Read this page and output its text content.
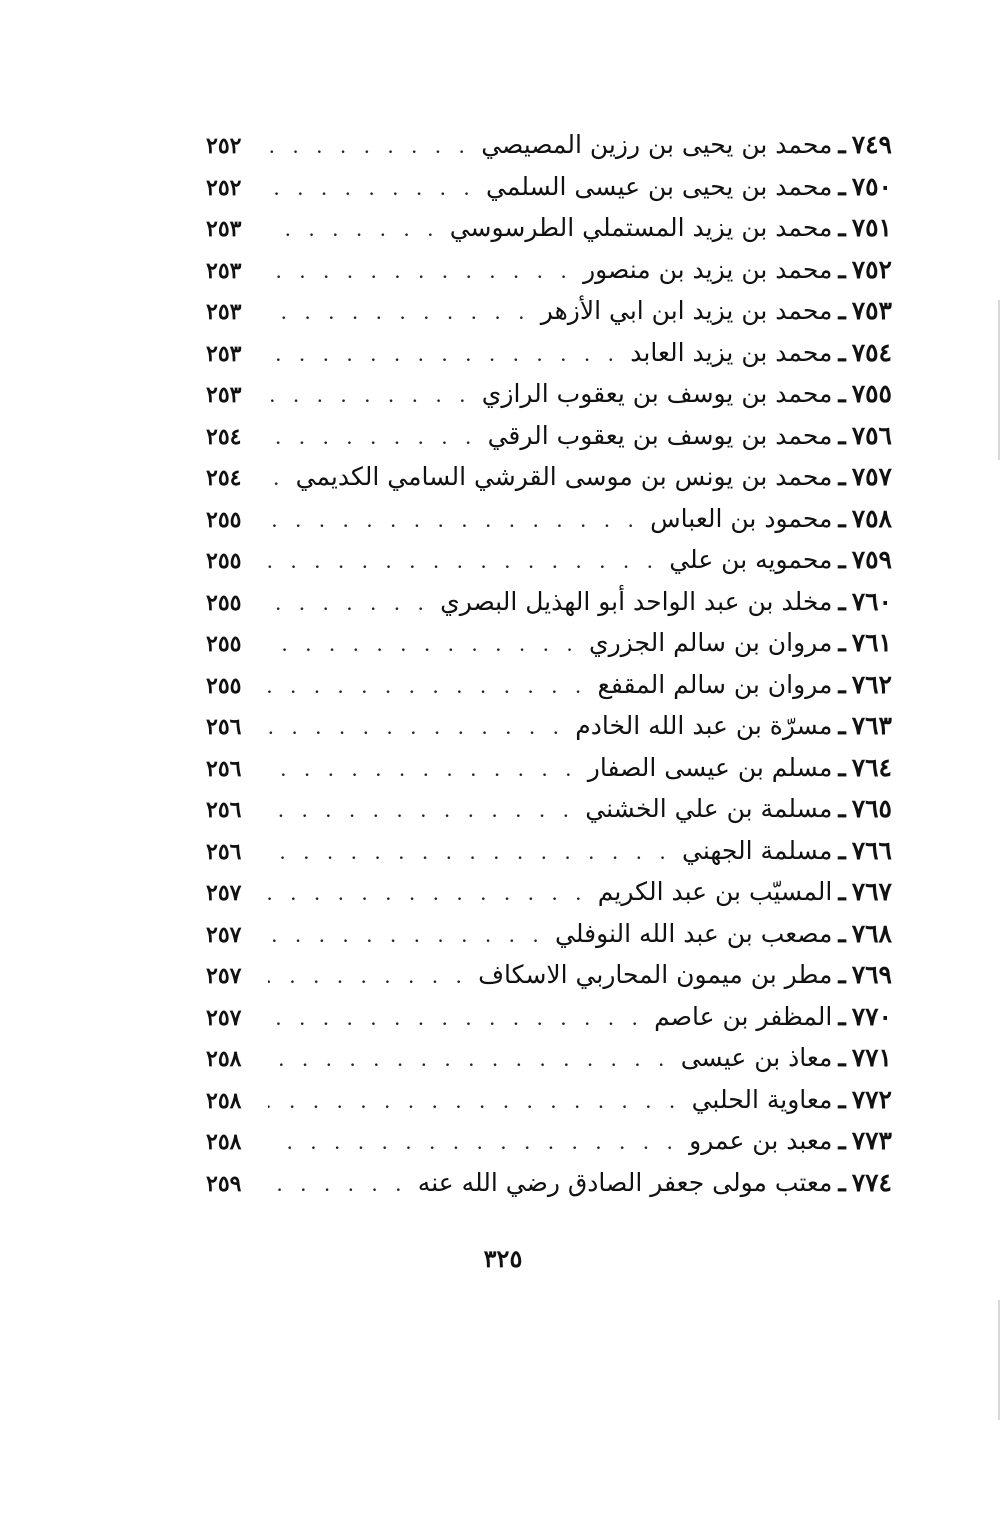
٧٤٩
ـ
محمد بن يحيى بن رزين المصيصي
. . .
٢٥٢
٧٥٠
ـ
محمد بن يحيى بن عيسى السلمي
. . .
٢٥٢
٧٥١
ـ
محمد بن يزيد المستملي الطرسوسي
. . .
٢٥٣
٧٥٢
ـ
محمد بن يزيد بن منصور
. . .
٢٥٣
٧٥٣
ـ
محمد بن يزيد ابن ابي الأزهر
. . .
٢٥٣
٧٥٤
ـ
محمد بن يزيد العابد
. . .
٢٥٣
٧٥٥
ـ
محمد بن يوسف بن يعقوب الرازي
. . .
٢٥٣
٧٥٦
ـ
محمد بن يوسف بن يعقوب الرقي
. . .
٢٥٤
٧٥٧
ـ
محمد بن يونس بن موسى القرشي السامي الكديمي
. . .
٢٥٤
٧٥٨
ـ
محمود بن العباس
. . .
٢٥٥
٧٥٩
ـ
محمويه بن علي
. . .
٢٥٥
٧٦٠
ـ
مخلد بن عبد الواحد أبو الهذيل البصري
. . .
٢٥٥
٧٦١
ـ
مروان بن سالم الجزري
. . .
٢٥٥
٧٦٢
ـ
مروان بن سالم المقفع
. . .
٢٥٥
٧٦٣
ـ
مسرّة بن عبد الله الخادم
. . .
٢٥٦
٧٦٤
ـ
مسلم بن عيسى الصفار
. . .
٢٥٦
٧٦٥
ـ
مسلمة بن علي الخشني
. . .
٢٥٦
٧٦٦
ـ
مسلمة الجهني
. . .
٢٥٦
٧٦٧
ـ
المسيّب بن عبد الكريم
. . .
٢٥٧
٧٦٨
ـ
مصعب بن عبد الله النوفلي
. . .
٢٥٧
٧٦٩
ـ
مطر بن ميمون المحاربي الاسكاف
. . .
٢٥٧
٧٧٠
ـ
المظفر بن عاصم
. . .
٢٥٧
٧٧١
ـ
معاذ بن عيسى
. . .
٢٥٨
٧٧٢
ـ
معاوية الحلبي
. . .
٢٥٨
٧٧٣
ـ
معبد بن عمرو
. . .
٢٥٨
٧٧٤
ـ
معتب مولى جعفر الصادق رضي الله عنه
. . .
٢٥٩
٣٢٥
